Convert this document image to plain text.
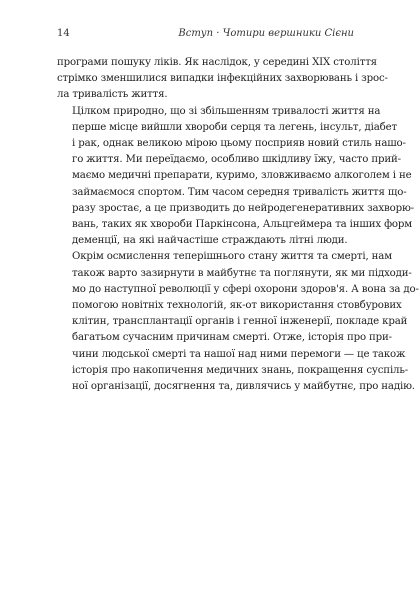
14	Вступ · Чотири вершники Сієни

програми пошуку ліків. Як наслідок, у середині XIX століття
стрімко зменшилися випадки інфекційних захворювань і зрос-
ла тривалість життя.

Цілком природно, що зі збільшенням тривалості життя на
перше місце вийшли хвороби серця та легень, інсульт, діабет
і рак, однак великою мірою цьому посприяв новий стиль нашо-
го життя. Ми переїдаємо, особливо шкідливу їжу, часто прий-
маємо медичні препарати, куримо, зловживаємо алкоголем і не
займаємося спортом. Тим часом середня тривалість життя що-
разу зростає, а це призводить до нейродегенеративних захворю-
вань, таких як хвороби Паркінсона, Альцгеймера та інших форм
деменції, на які найчастіше страждають літні люди.

Окрім осмислення теперішнього стану життя та смерті, нам
також варто зазирнути в майбутнє та поглянути, як ми підходи-
мо до наступної революції у сфері охорони здоров'я. А вона за до-
помогою новітніх технологій, як-от використання стовбурових
клітин, трансплантації органів і генної інженерії, покладе край
багатьом сучасним причинам смерті. Отже, історія про при-
чини людської смерті та нашої над ними перемоги — це також
історія про накопичення медичних знань, покращення суспіль-
ної організації, досягнення та, дивлячись у майбутнє, про надію.
